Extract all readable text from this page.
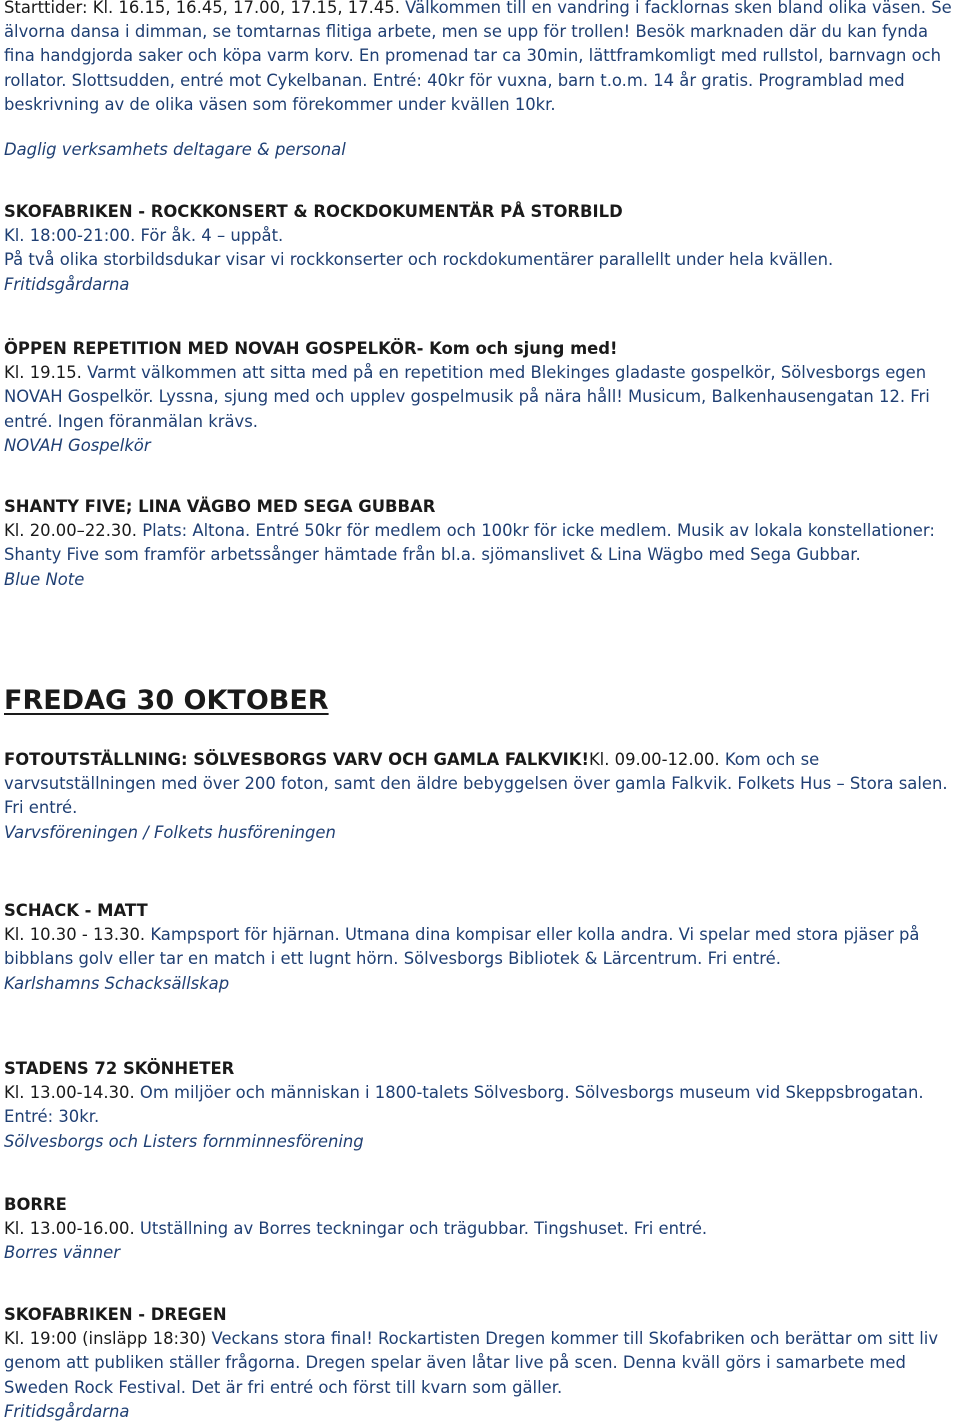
Starttider: Kl. 16.15, 16.45, 17.00, 17.15, 17.45. Välkommen till en vandring i facklornas sken bland olika väsen. Se älvorna dansa i dimman, se tomtarnas flitiga arbete, men se upp för trollen! Besök marknaden där du kan fynda fina handgjorda saker och köpa varm korv. En promenad tar ca 30min, lättframkomligt med rullstol, barnvagn och rollator. Slottsudden, entré mot Cykelbanan. Entré: 40kr för vuxna, barn t.o.m. 14 år gratis. Programblad med beskrivning av de olika väsen som förekommer under kvällen 10kr.

Daglig verksamhets deltagare & personal

SKOFABRIKEN - ROCKKONSERT & ROCKDOKUMENTÄR PÅ STORBILD

Kl. 18:00-21:00. För åk. 4 – uppåt.

På två olika storbildsdukar visar vi rockkonserter och rockdokumentärer parallellt under hela kvällen.

Fritidsgårdarna

ÖPPEN REPETITION MED NOVAH GOSPELKÖR- Kom och sjung med!

Kl. 19.15. Varmt välkommen att sitta med på en repetition med Blekinges gladaste gospelkör, Sölvesborgs egen NOVAH Gospelkör. Lyssna, sjung med och upplev gospelmusik på nära håll! Musicum, Balkenhausengatan 12. Fri entré. Ingen föranmälan krävs.

NOVAH Gospelkör

SHANTY FIVE; LINA VÄGBO MED SEGA GUBBAR

Kl. 20.00–22.30. Plats: Altona. Entré 50kr för medlem och 100kr för icke medlem. Musik av lokala konstellationer: Shanty Five som framför arbetssånger hämtade från bl.a. sjömanslivet & Lina Wägbo med Sega Gubbar.

Blue Note

FREDAG 30 OKTOBER

FOTOUTSTÄLLNING: SÖLVESBORGS VARV OCH GAMLA FALKVIK!Kl. 09.00-12.00. Kom och se varvsutställningen med över 200 foton, samt den äldre bebyggelsen över gamla Falkvik. Folkets Hus – Stora salen. Fri entré.

Varvsföreningen / Folkets husföreningen

SCHACK - MATT

Kl. 10.30 - 13.30. Kampsport för hjärnan. Utmana dina kompisar eller kolla andra. Vi spelar med stora pjäser på bibblans golv eller tar en match i ett lugnt hörn. Sölvesborgs Bibliotek & Lärcentrum. Fri entré.

Karlshamns Schacksällskap

STADENS 72 SKÖNHETER

Kl. 13.00-14.30. Om miljöer och människan i 1800-talets Sölvesborg. Sölvesborgs museum vid Skeppsbrogatan. Entré: 30kr.

Sölvesborgs och Listers fornminnesförening

BORRE

Kl. 13.00-16.00. Utställning av Borres teckningar och trägubbar. Tingshuset. Fri entré.

Borres vänner

SKOFABRIKEN - DREGEN

Kl. 19:00 (insläpp 18:30) Veckans stora final! Rockartisten Dregen kommer till Skofabriken och berättar om sitt liv genom att publiken ställer frågorna. Dregen spelar även låtar live på scen. Denna kväll görs i samarbete med Sweden Rock Festival. Det är fri entré och först till kvarn som gäller.

Fritidsgårdarna
